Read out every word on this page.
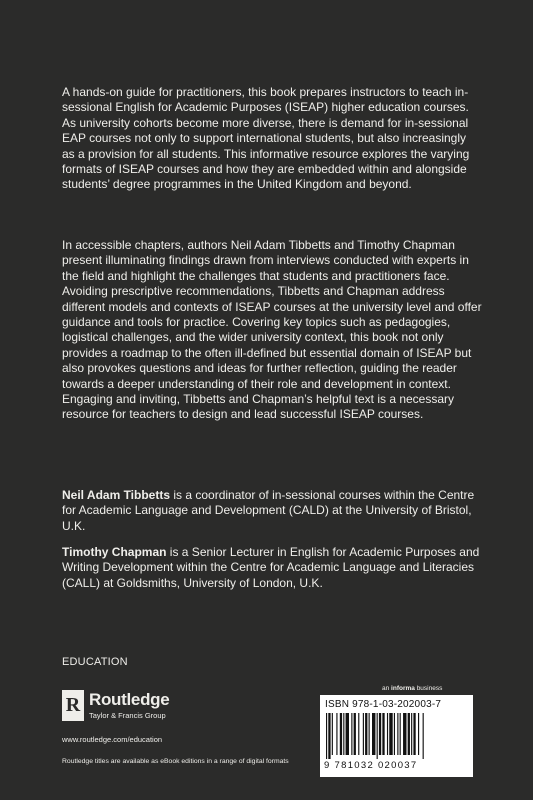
A hands-on guide for practitioners, this book prepares instructors to teach in-sessional English for Academic Purposes (ISEAP) higher education courses. As university cohorts become more diverse, there is demand for in-sessional EAP courses not only to support international students, but also increasingly as a provision for all students. This informative resource explores the varying formats of ISEAP courses and how they are embedded within and alongside students’ degree programmes in the United Kingdom and beyond.

In accessible chapters, authors Neil Adam Tibbetts and Timothy Chapman present illuminating findings drawn from interviews conducted with experts in the field and highlight the challenges that students and practitioners face. Avoiding prescriptive recommendations, Tibbetts and Chapman address different models and contexts of ISEAP courses at the university level and offer guidance and tools for practice. Covering key topics such as pedagogies, logistical challenges, and the wider university context, this book not only provides a roadmap to the often ill-defined but essential domain of ISEAP but also provokes questions and ideas for further reflection, guiding the reader towards a deeper understanding of their role and development in context. Engaging and inviting, Tibbetts and Chapman’s helpful text is a necessary resource for teachers to design and lead successful ISEAP courses.

Neil Adam Tibbetts is a coordinator of in-sessional courses within the Centre for Academic Language and Development (CALD) at the University of Bristol, U.K.

Timothy Chapman is a Senior Lecturer in English for Academic Purposes and Writing Development within the Centre for Academic Language and Literacies (CALL) at Goldsmiths, University of London, U.K.

EDUCATION
R Routledge
Taylor & Francis Group
www.routledge.com/education
Routledge titles are available as eBook editions in a range of digital formats
an informa business
ISBN 978-1-03-202003-7
9 781032 020037
